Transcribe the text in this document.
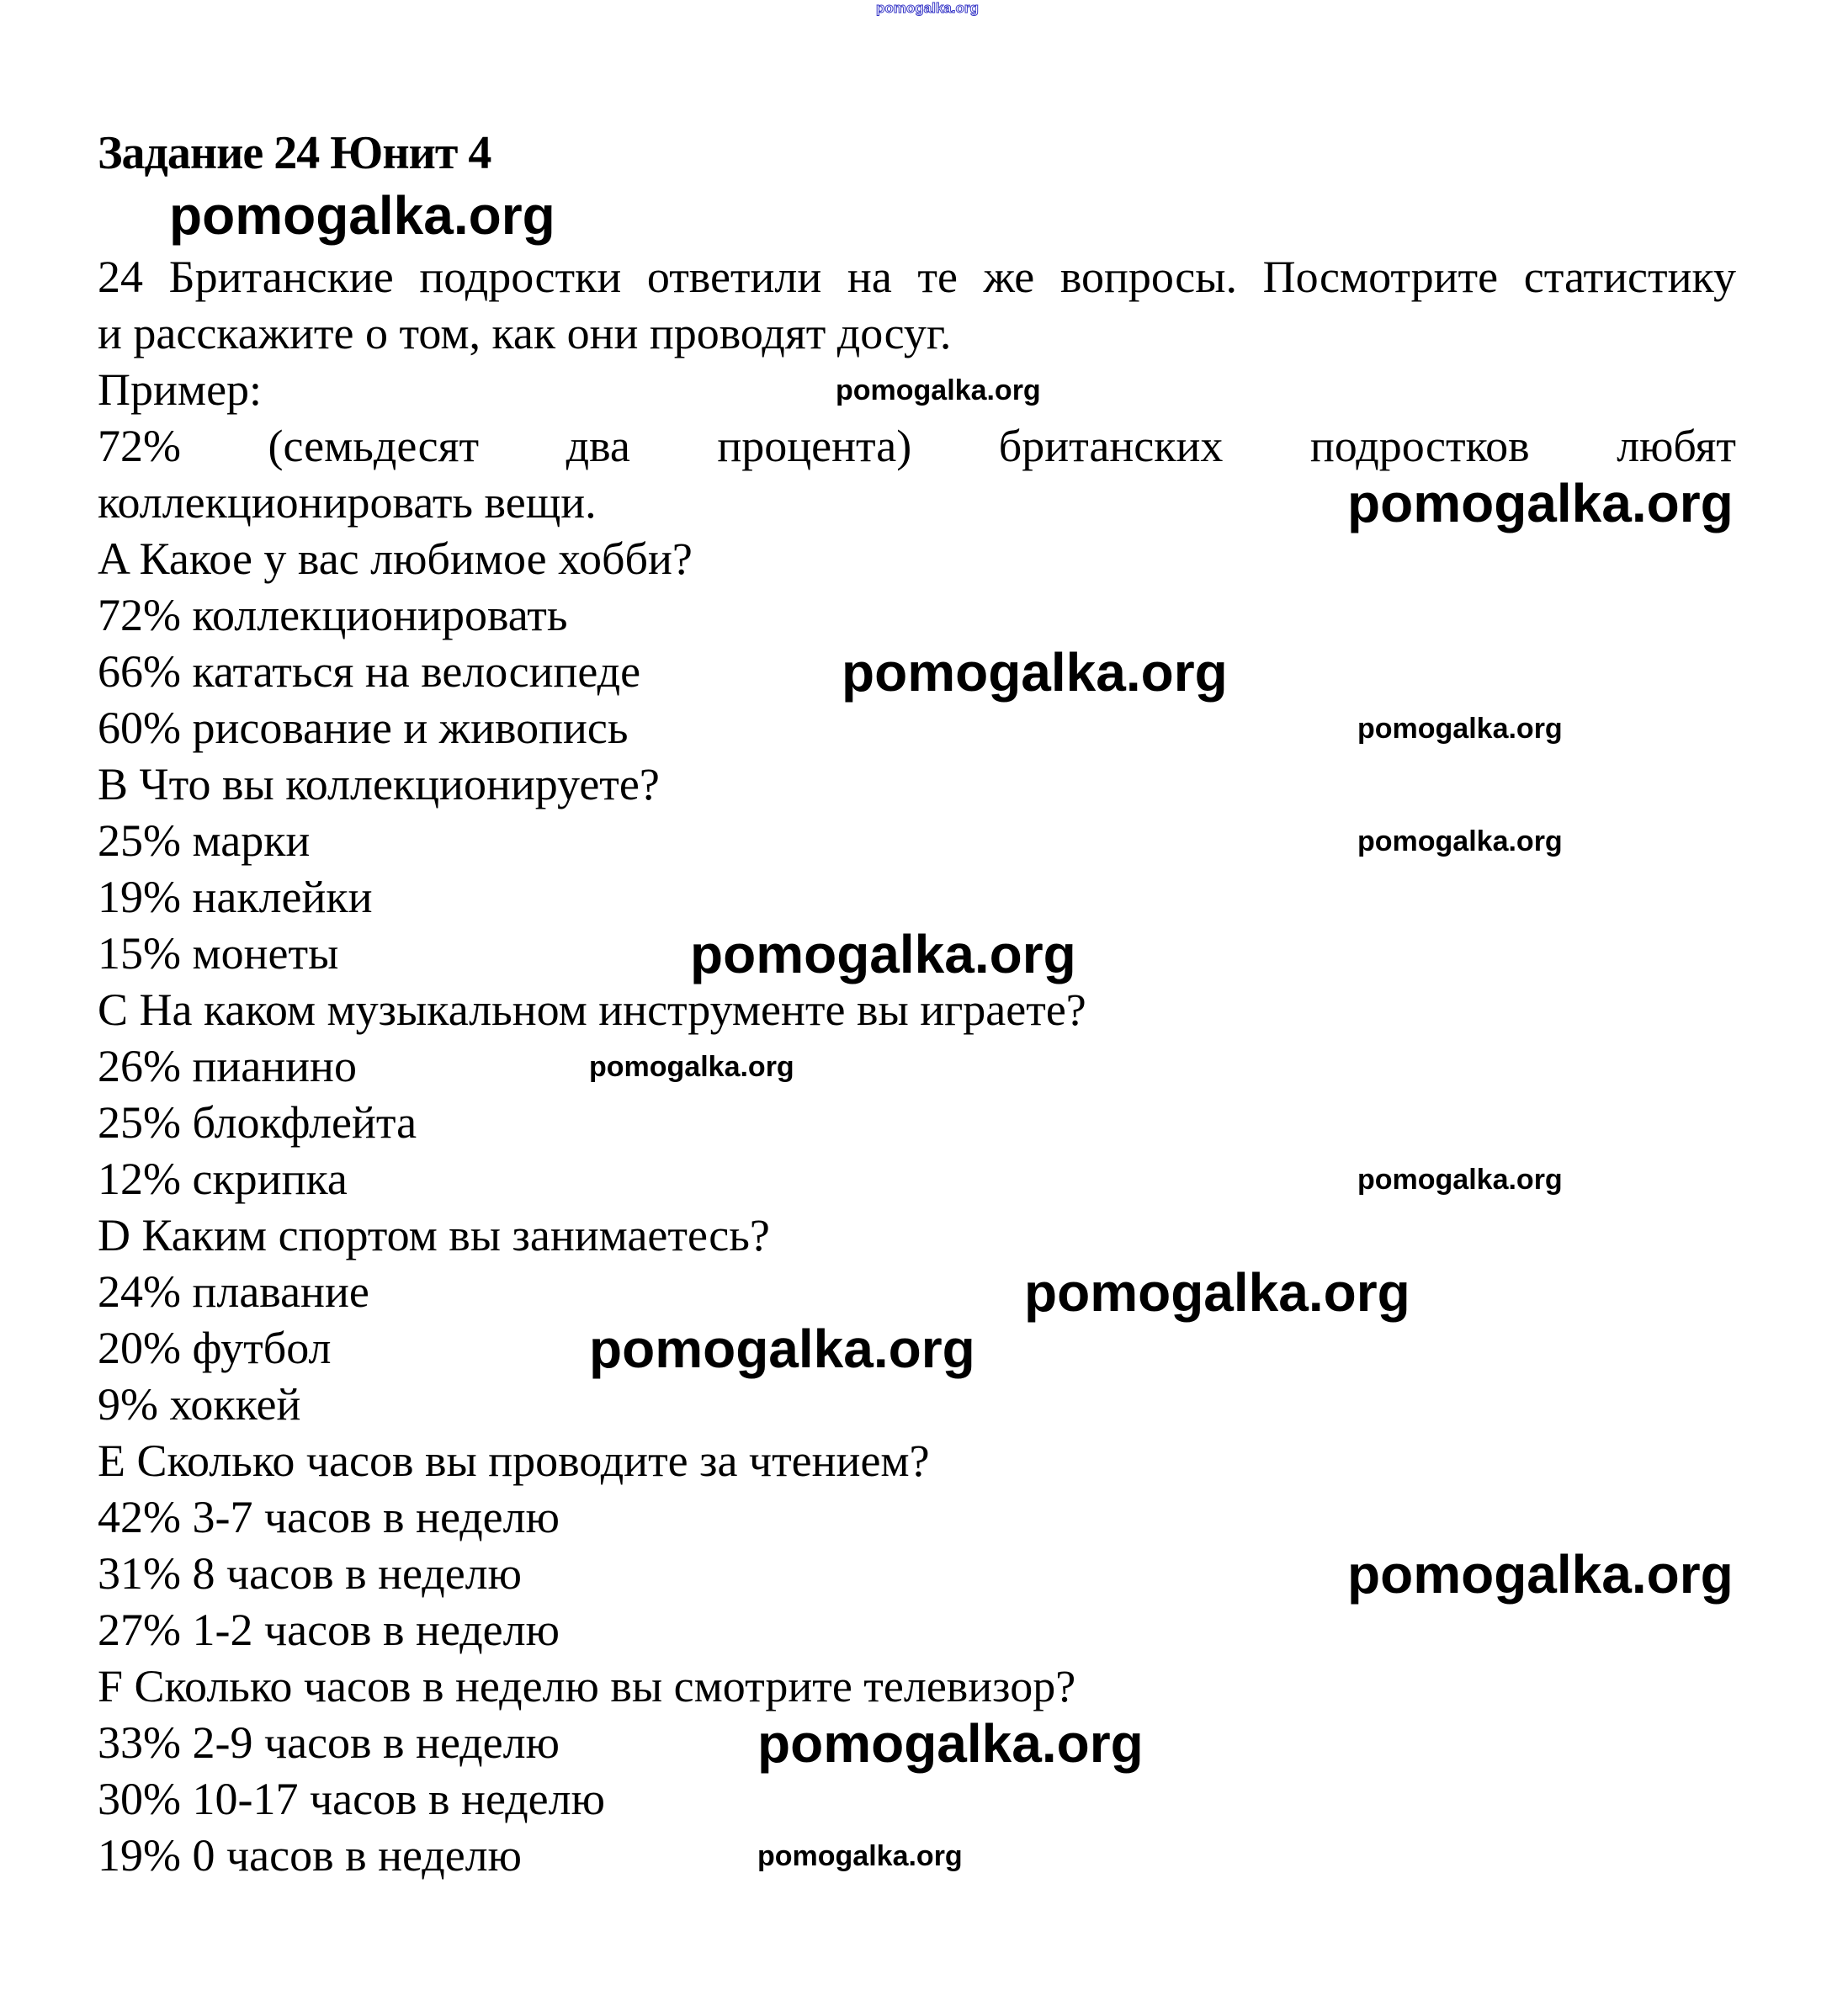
pomogalka.org
Задание 24 Юнит 4
24 Британские подростки ответили на те же вопросы. Посмотрите статистику
и расскажите о том, как они проводят досуг.
Пример:
72% (семьдесят два процента) британских подростков любят
коллекционировать вещи.
A Какое у вас любимое хобби?
72% коллекционировать
66% кататься на велосипеде
60% рисование и живопись
B Что вы коллекционируете?
25% марки
19% наклейки
15% монеты
C На каком музыкальном инструменте вы играете?
26% пианино
25% блокфлейта
12% скрипка
D Каким спортом вы занимаетесь?
24% плавание
20% футбол
9% хоккей
E Сколько часов вы проводите за чтением?
42% 3-7 часов в неделю
31% 8 часов в неделю
27% 1-2 часов в неделю
F Сколько часов в неделю вы смотрите телевизор?
33% 2-9 часов в неделю
30% 10-17 часов в неделю
19% 0 часов в неделю
pomogalka.org
pomogalka.org
pomogalka.org
pomogalka.org
pomogalka.org
pomogalka.org
pomogalka.org
pomogalka.org
pomogalka.org
pomogalka.org
pomogalka.org
pomogalka.org
pomogalka.org
pomogalka.org
